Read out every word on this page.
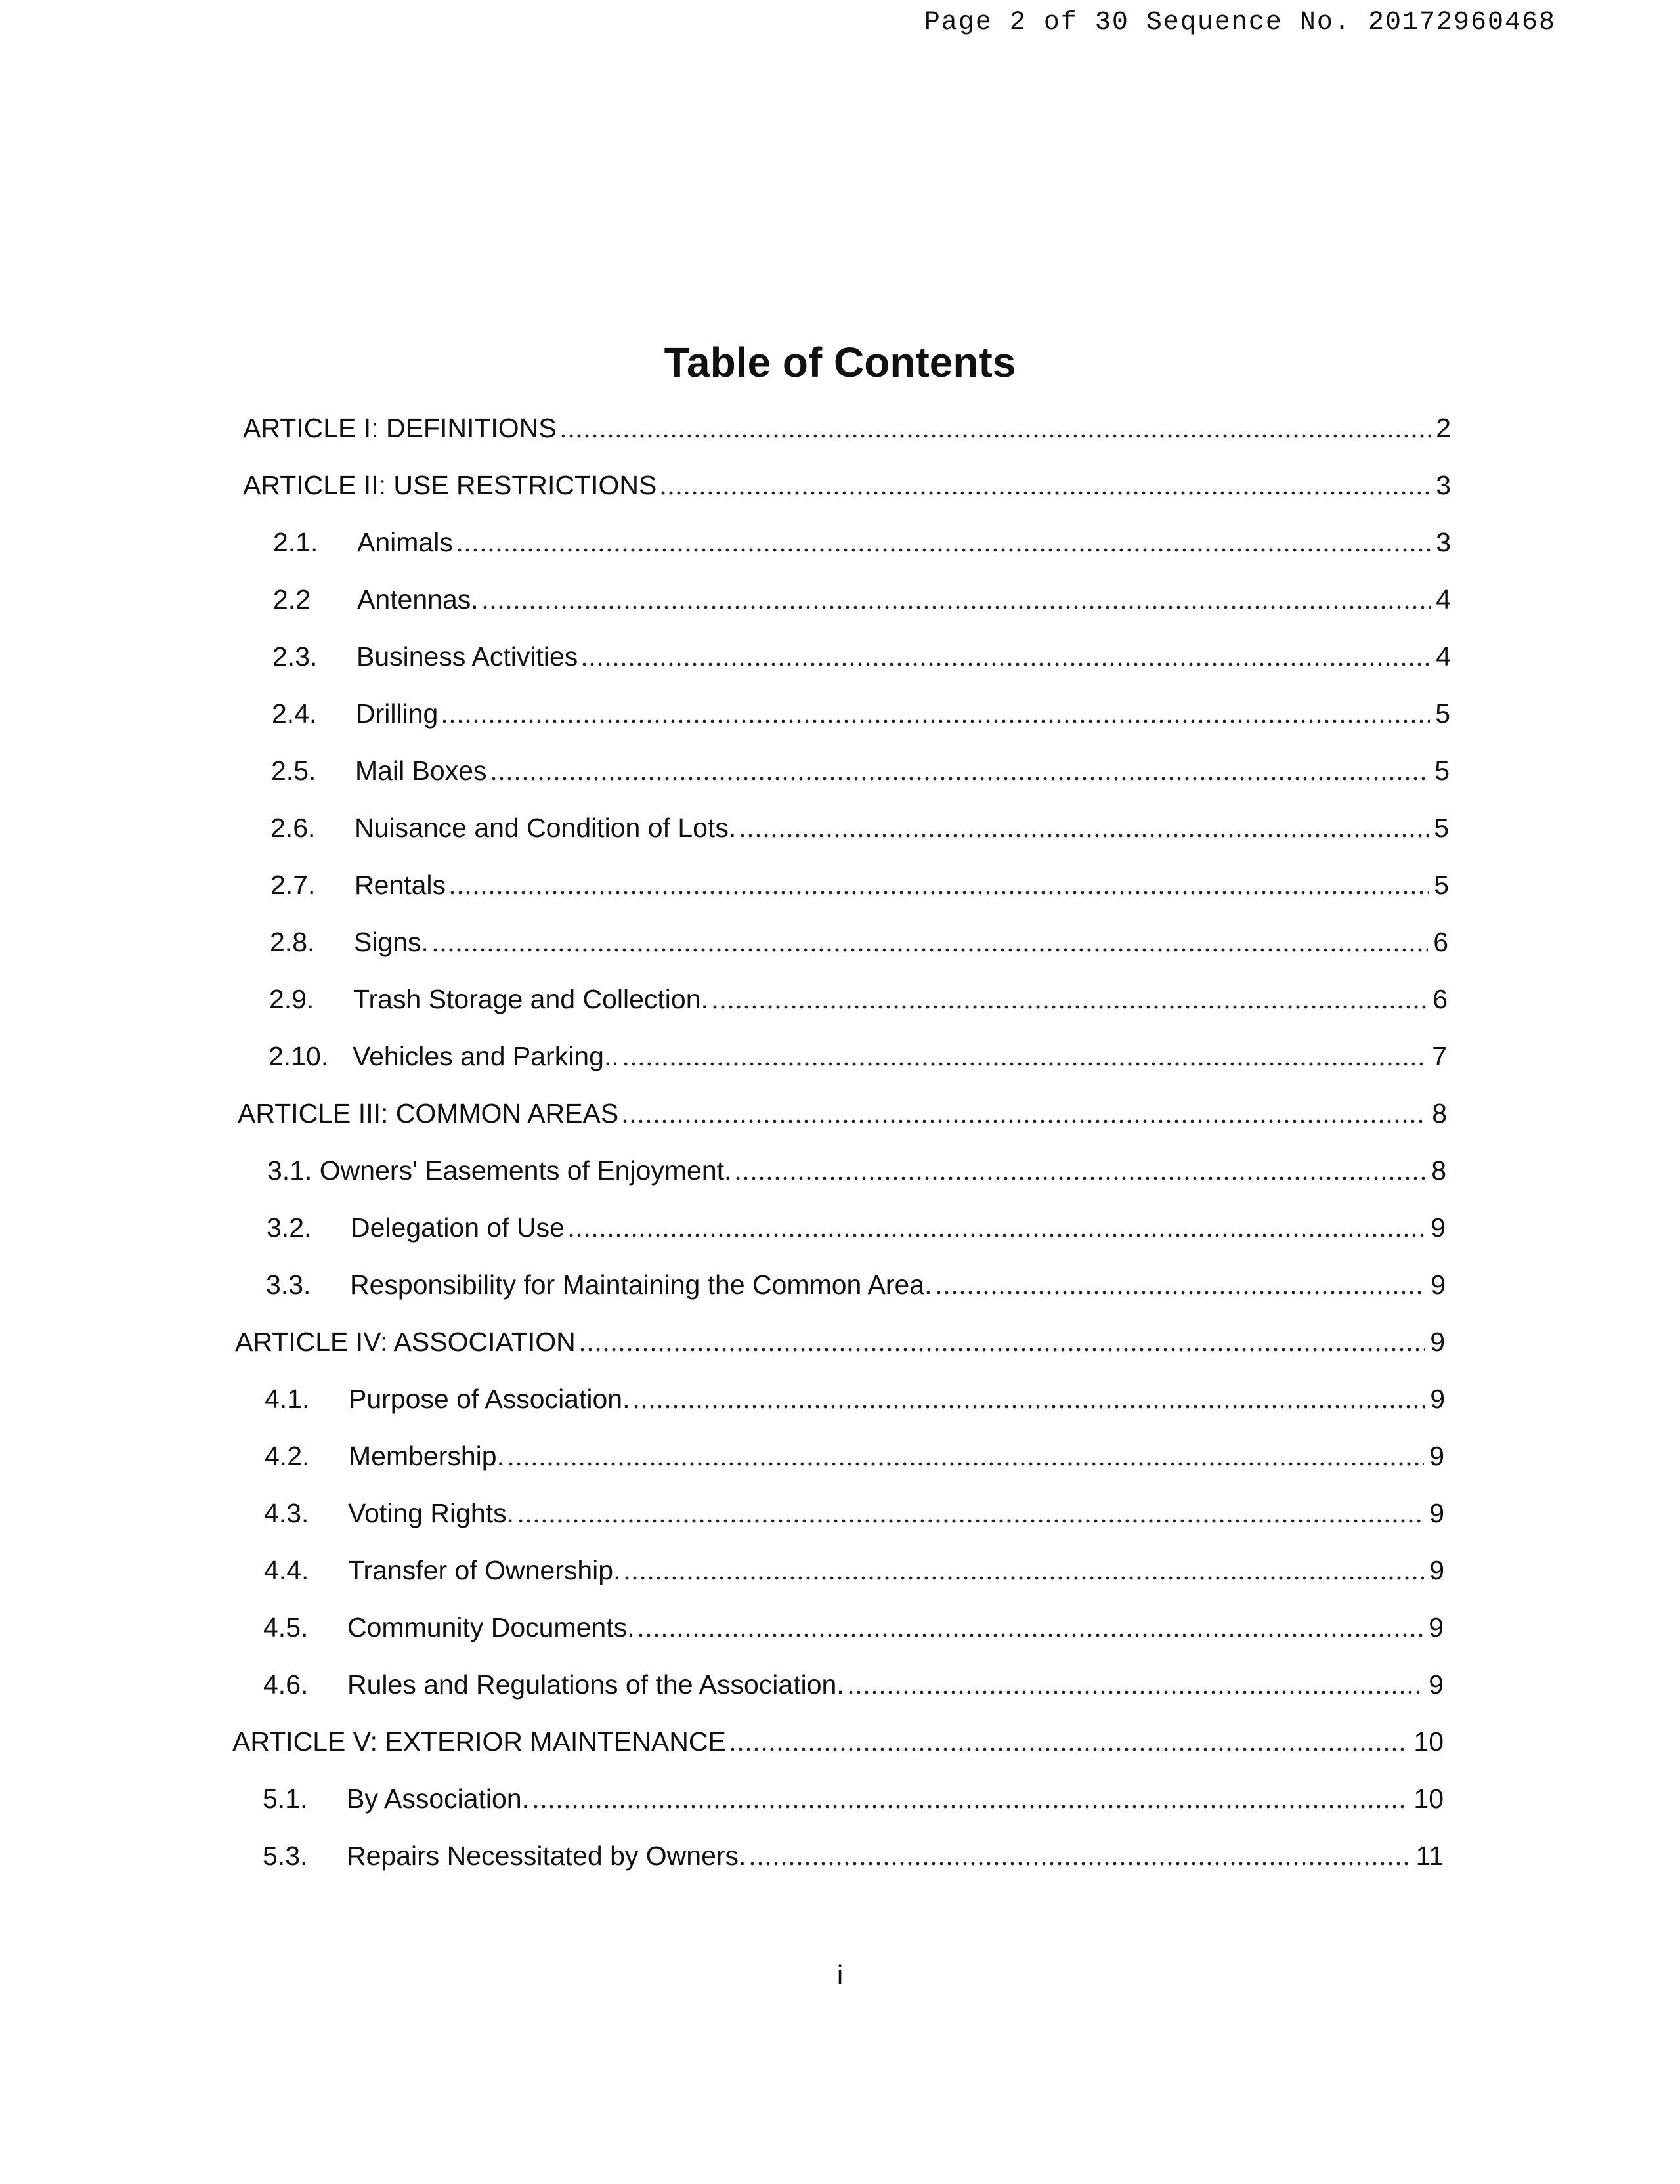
Page 2 of 30 Sequence No. 20172960468
Table of Contents
ARTICLE I: DEFINITIONS	2
ARTICLE II: USE RESTRICTIONS	3
2.1.	Animals	3
2.2	Antennas.	4
2.3.	Business Activities	4
2.4.	Drilling	5
2.5.	Mail Boxes	5
2.6.	Nuisance and Condition of Lots.	5
2.7.	Rentals	5
2.8.	Signs.	6
2.9.	Trash Storage and Collection.	6
2.10. Vehicles and Parking..	7
ARTICLE III: COMMON AREAS	8
3.1. Owners' Easements of Enjoyment.	8
3.2.	Delegation of Use	9
3.3.	Responsibility for Maintaining the Common Area.	9
ARTICLE IV: ASSOCIATION	9
4.1.	Purpose of Association.	9
4.2.	Membership.	9
4.3.	Voting Rights.	9
4.4.	Transfer of Ownership.	9
4.5.	Community Documents.	9
4.6.	Rules and Regulations of the Association.	9
ARTICLE V: EXTERIOR MAINTENANCE	10
5.1.	By Association.	10
5.3.	Repairs Necessitated by Owners.	11
i
